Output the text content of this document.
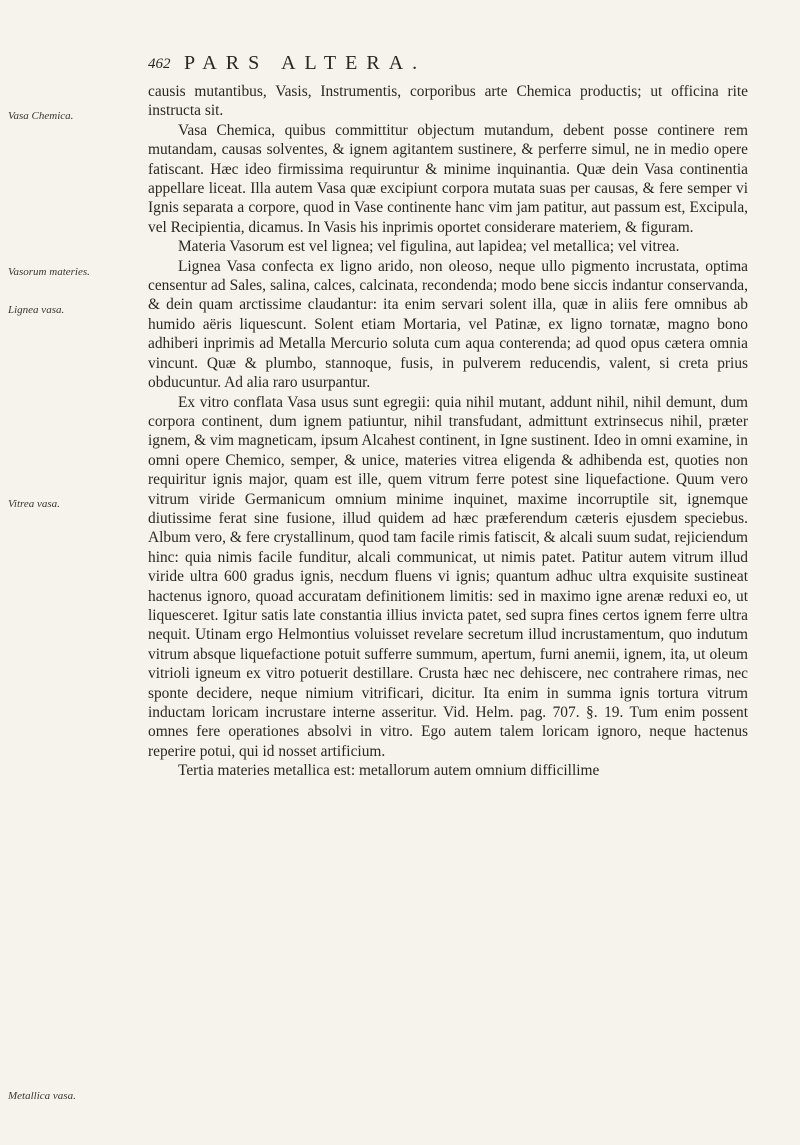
462 PARS ALTERA.
Vasa Chemica.
Vasorum materies.
Lignea vasa.
Vitrea vasa.
Metallica vasa.

causis mutantibus, Vasis, Instrumentis, corporibus arte Chemica productis; ut officina rite instructa sit.

Vasa Chemica, quibus committitur objectum mutandum, debent posse continere rem mutandam, causas solventes, & ignem agitantem sustinere, & perferre simul, ne in medio opere fatiscant. Hæc ideo firmissima requiruntur & minime inquinantia. Quæ dein Vasa continentia appellare liceat. Illa autem Vasa quæ excipiunt corpora mutata suas per causas, & fere semper vi Ignis separata a corpore, quod in Vase continente hanc vim jam patitur, aut passum est, Excipula, vel Recipientia, dicamus. In Vasis his inprimis oportet considerare materiem, & figuram.

Materia Vasorum est vel lignea; vel figulina, aut lapidea; vel metallica; vel vitrea.

Lignea Vasa confecta ex ligno arido, non oleoso, neque ullo pigmento incrustata, optima censentur ad Sales, salina, calces, calcinata, recondenda; modo bene siccis indantur conservanda, & dein quam arctissime claudantur: ita enim servari solent illa, quæ in aliis fere omnibus ab humido aëris liquescunt. Solent etiam Mortaria, vel Patinæ, ex ligno tornatæ, magno bono adhiberi inprimis ad Metalla Mercurio soluta cum aqua conterenda; ad quod opus cætera omnia vincunt. Quæ & plumbo, stannoque, fusis, in pulverem reducendis, valent, si creta prius obducuntur. Ad alia raro usurpantur.

Ex vitro conflata Vasa usus sunt egregii: quia nihil mutant, addunt nihil, nihil demunt, dum corpora continent, dum ignem patiuntur, nihil transfudant, admittunt extrinsecus nihil, præter ignem, & vim magneticam, ipsum Alcahest continent, in Igne sustinent. Ideo in omni examine, in omni opere Chemico, semper, & unice, materies vitrea eligenda & adhibenda est, quoties non requiritur ignis major, quam est ille, quem vitrum ferre potest sine liquefactione. Quum vero vitrum viride Germanicum omnium minime inquinet, maxime incorruptile sit, ignemque diutissime ferat sine fusione, illud quidem ad hæc præferendum cæteris ejusdem speciebus. Album vero, & fere crystallinum, quod tam facile rimis fatiscit, & alcali suum sudat, rejiciendum hinc: quia nimis facile funditur, alcali communicat, ut nimis patet. Patitur autem vitrum illud viride ultra 600 gradus ignis, necdum fluens vi ignis; quantum adhuc ultra exquisite sustineat hactenus ignoro, quoad accuratam definitionem limitis: sed in maximo igne arenæ reduxi eo, ut liquesceret. Igitur satis late constantia illius invicta patet, sed supra fines certos ignem ferre ultra nequit. Utinam ergo Helmontius voluisset revelare secretum illud incrustamentum, quo indutum vitrum absque liquefactione potuit sufferre summum, apertum, furni anemii, ignem, ita, ut oleum vitrioli igneum ex vitro potuerit destillare. Crusta hæc nec dehiscere, nec contrahere rimas, nec sponte decidere, neque nimium vitrificari, dicitur. Ita enim in summa ignis tortura vitrum inductam loricam incrustare interne asseritur. Vid. Helm. pag. 707. §. 19. Tum enim possent omnes fere operationes absolvi in vitro. Ego autem talem loricam ignoro, neque hactenus reperire potui, qui id nosset artificium.

Tertia materies metallica est: metallorum autem omnium difficillime
